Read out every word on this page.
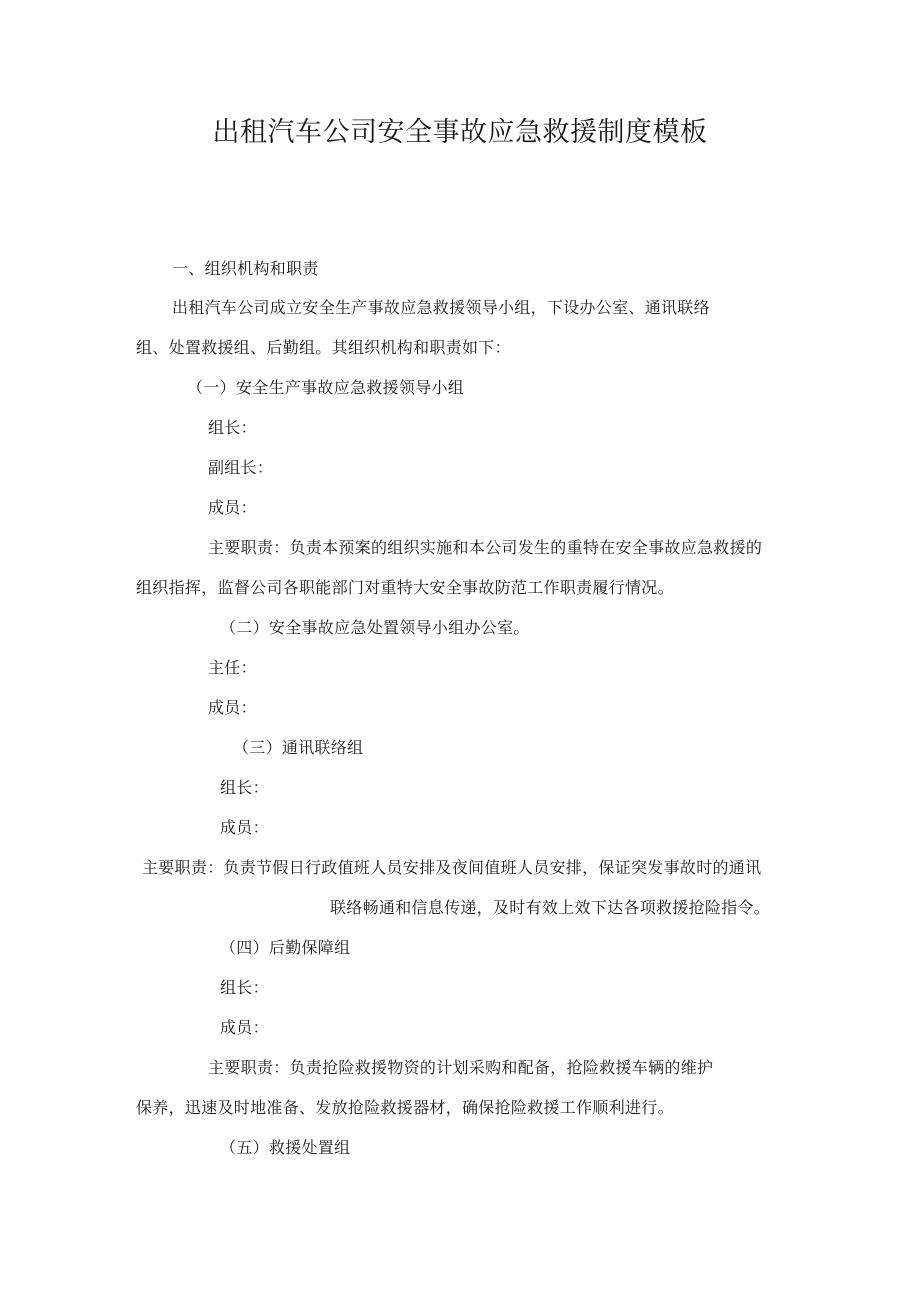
出租汽车公司安全事故应急救援制度模板
一、组织机构和职责
出租汽车公司成立安全生产事故应急救援领导小组，下设办公室、通讯联络
组、处置救援组、后勤组。其组织机构和职责如下：
（一）安全生产事故应急救援领导小组
组长：
副组长：
成员：
主要职责：负责本预案的组织实施和本公司发生的重特在安全事故应急救援的
组织指挥，监督公司各职能部门对重特大安全事故防范工作职责履行情况。
（二）安全事故应急处置领导小组办公室。
主任：
成员：
（三）通讯联络组
组长：
成员：
主要职责：负责节假日行政值班人员安排及夜间值班人员安排，保证突发事故时的通讯
联络畅通和信息传递，及时有效上效下达各项救援抢险指令。
（四）后勤保障组
组长：
成员：
主要职责：负责抢险救援物资的计划采购和配备，抢险救援车辆的维护
保养，迅速及时地准备、发放抢险救援器材，确保抢险救援工作顺利进行。
（五）救援处置组
